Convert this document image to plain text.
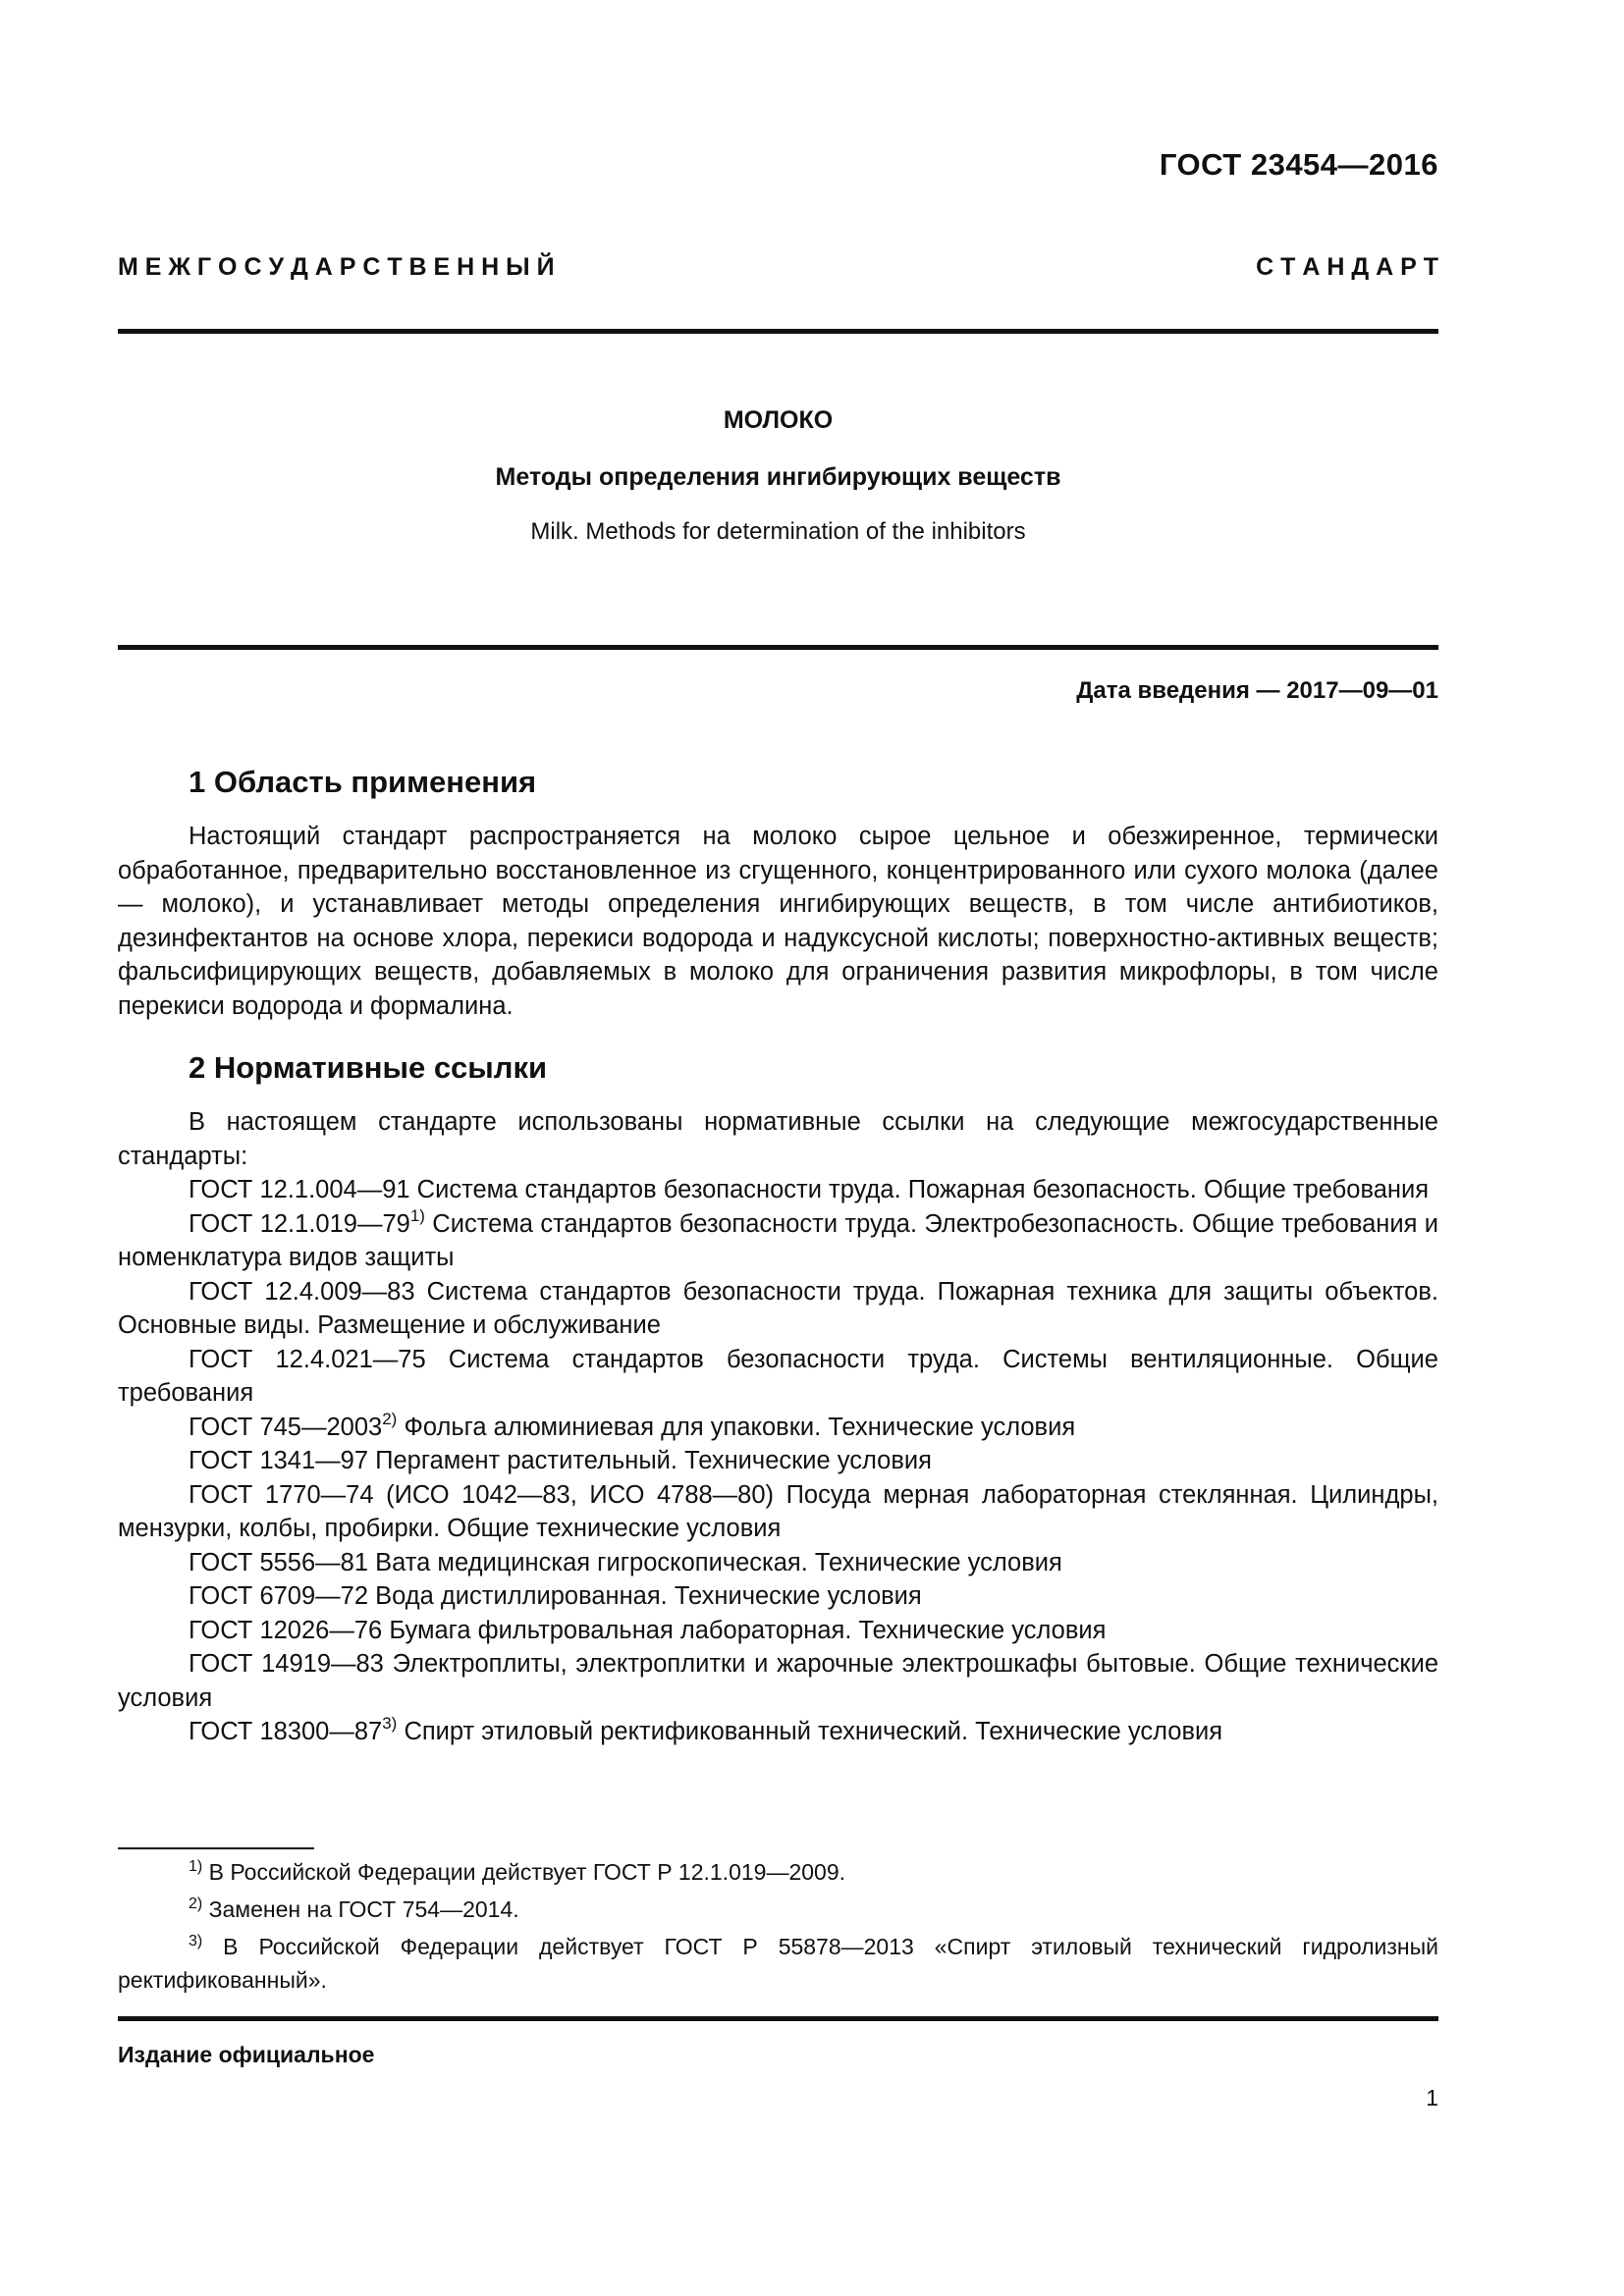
ГОСТ 23454—2016
М Е Ж Г О С У Д А Р С Т В Е Н Н Ы Й	С Т А Н Д А Р Т
МОЛОКО
Методы определения ингибирующих веществ
Milk. Methods for determination of the inhibitors
Дата введения — 2017—09—01
1 Область применения

Настоящий стандарт распространяется на молоко сырое цельное и обезжиренное, термически обработанное, предварительно восстановленное из сгущенного, концентрированного или сухого молока (далее — молоко), и устанавливает методы определения ингибирующих веществ, в том числе антибиотиков, дезинфектантов на основе хлора, перекиси водорода и надуксусной кислоты; поверхностно-активных веществ; фальсифицирующих веществ, добавляемых в молоко для ограничения развития микрофлоры, в том числе перекиси водорода и формалина.

2 Нормативные ссылки

В настоящем стандарте использованы нормативные ссылки на следующие межгосударственные стандарты:

ГОСТ 12.1.004—91 Система стандартов безопасности труда. Пожарная безопасность. Общие требования

ГОСТ 12.1.019—79$^{1)}$ Система стандартов безопасности труда. Электробезопасность. Общие требования и номенклатура видов защиты

ГОСТ 12.4.009—83 Система стандартов безопасности труда. Пожарная техника для защиты объектов. Основные виды. Размещение и обслуживание

ГОСТ 12.4.021—75 Система стандартов безопасности труда. Системы вентиляционные. Общие требования

ГОСТ 745—2003$^{2)}$ Фольга алюминиевая для упаковки. Технические условия

ГОСТ 1341—97 Пергамент растительный. Технические условия

ГОСТ 1770—74 (ИСО 1042—83, ИСО 4788—80) Посуда мерная лабораторная стеклянная. Цилиндры, мензурки, колбы, пробирки. Общие технические условия

ГОСТ 5556—81 Вата медицинская гигроскопическая. Технические условия

ГОСТ 6709—72 Вода дистиллированная. Технические условия

ГОСТ 12026—76 Бумага фильтровальная лабораторная. Технические условия

ГОСТ 14919—83 Электроплиты, электроплитки и жарочные электрошкафы бытовые. Общие технические условия

ГОСТ 18300—87$^{3)}$ Спирт этиловый ректификованный технический. Технические условия

$^{1)}$ В Российской Федерации действует ГОСТ Р 12.1.019—2009.

$^{2)}$ Заменен на ГОСТ 754—2014.

$^{3)}$ В Российской Федерации действует ГОСТ Р 55878—2013 «Спирт этиловый технический гидролизный ректификованный».

Издание официальное
1
